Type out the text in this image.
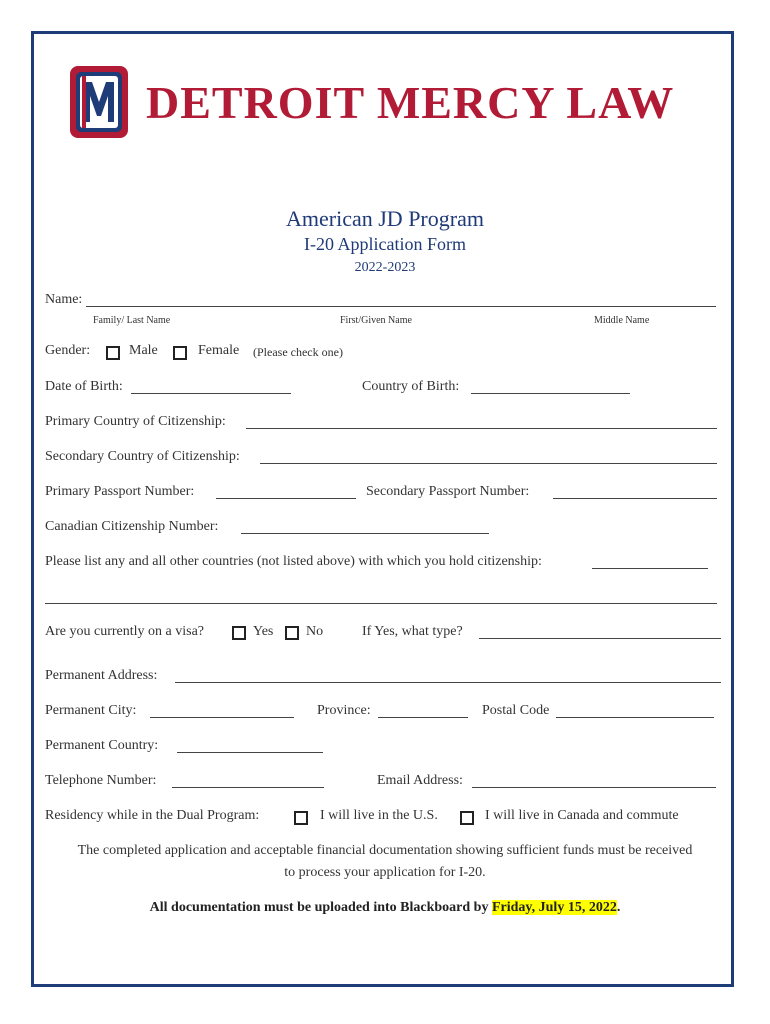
DETROIT MERCY LAW
American JD Program
I-20 Application Form
2022-2023
Name:
Family/ Last Name	First/Given Name	Middle Name
Gender:	Male	Female (Please check one)
Date of Birth:	Country of Birth:
Primary Country of Citizenship:
Secondary Country of Citizenship:
Primary Passport Number:	Secondary Passport Number:
Canadian Citizenship Number:
Please list any and all other countries (not listed above) with which you hold citizenship:
Are you currently on a visa?	Yes No	If Yes, what type?
Permanent Address:
Permanent City:	Province:	Postal Code
Permanent Country:
Telephone Number:	Email Address:
Residency while in the Dual Program:	I will live in the U.S.	I will live in Canada and commute
The completed application and acceptable financial documentation showing sufficient funds must be received
to process your application for I-20.
All documentation must be uploaded into Blackboard by Friday, July 15, 2022.
